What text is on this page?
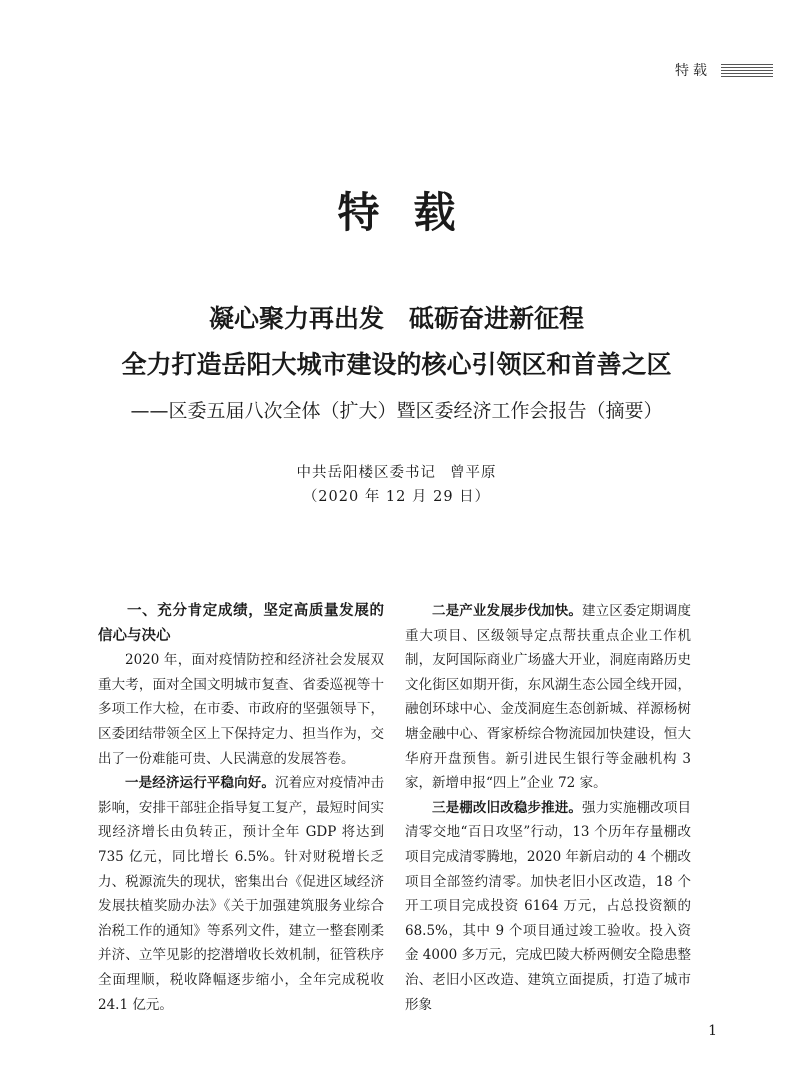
特载
特载
凝心聚力再出发　砥砺奋进新征程
全力打造岳阳大城市建设的核心引领区和首善之区
——区委五届八次全体（扩大）暨区委经济工作会报告（摘要）
中共岳阳楼区委书记 曾平原
（2020 年 12 月 29 日）
一、充分肯定成绩，坚定高质量发展的信心与决心

2020 年，面对疫情防控和经济社会发展双重大考，面对全国文明城市复查、省委巡视等十多项工作大检，在市委、市政府的坚强领导下，区委团结带领全区上下保持定力、担当作为，交出了一份难能可贵、人民满意的发展答卷。

一是经济运行平稳向好。沉着应对疫情冲击影响，安排干部驻企指导复工复产，最短时间实现经济增长由负转正，预计全年 GDP 将达到 735 亿元，同比增长 6.5%。针对财税增长乏力、税源流失的现状，密集出台《促进区域经济发展扶植奖励办法》《关于加强建筑服务业综合治税工作的通知》等系列文件，建立一整套刚柔并济、立竿见影的挖潜增收长效机制，征管秩序全面理顺，税收降幅逐步缩小，全年完成税收 24.1 亿元。

二是产业发展步伐加快。建立区委定期调度重大项目、区级领导定点帮扶重点企业工作机制，友阿国际商业广场盛大开业，洞庭南路历史文化街区如期开街，东风湖生态公园全线开园，融创环球中心、金茂洞庭生态创新城、祥源杨树塘金融中心、胥家桥综合物流园加快建设，恒大华府开盘预售。新引进民生银行等金融机构 3 家，新增申报“四上”企业 72 家。

三是棚改旧改稳步推进。强力实施棚改项目清零交地“百日攻坚”行动，13 个历年存量棚改项目完成清零腾地，2020 年新启动的 4 个棚改项目全部签约清零。加快老旧小区改造，18 个开工项目完成投资 6164 万元，占总投资额的 68.5%，其中 9 个项目通过竣工验收。投入资金 4000 多万元，完成巴陵大桥两侧安全隐患整治、老旧小区改造、建筑立面提质，打造了城市形象

1
